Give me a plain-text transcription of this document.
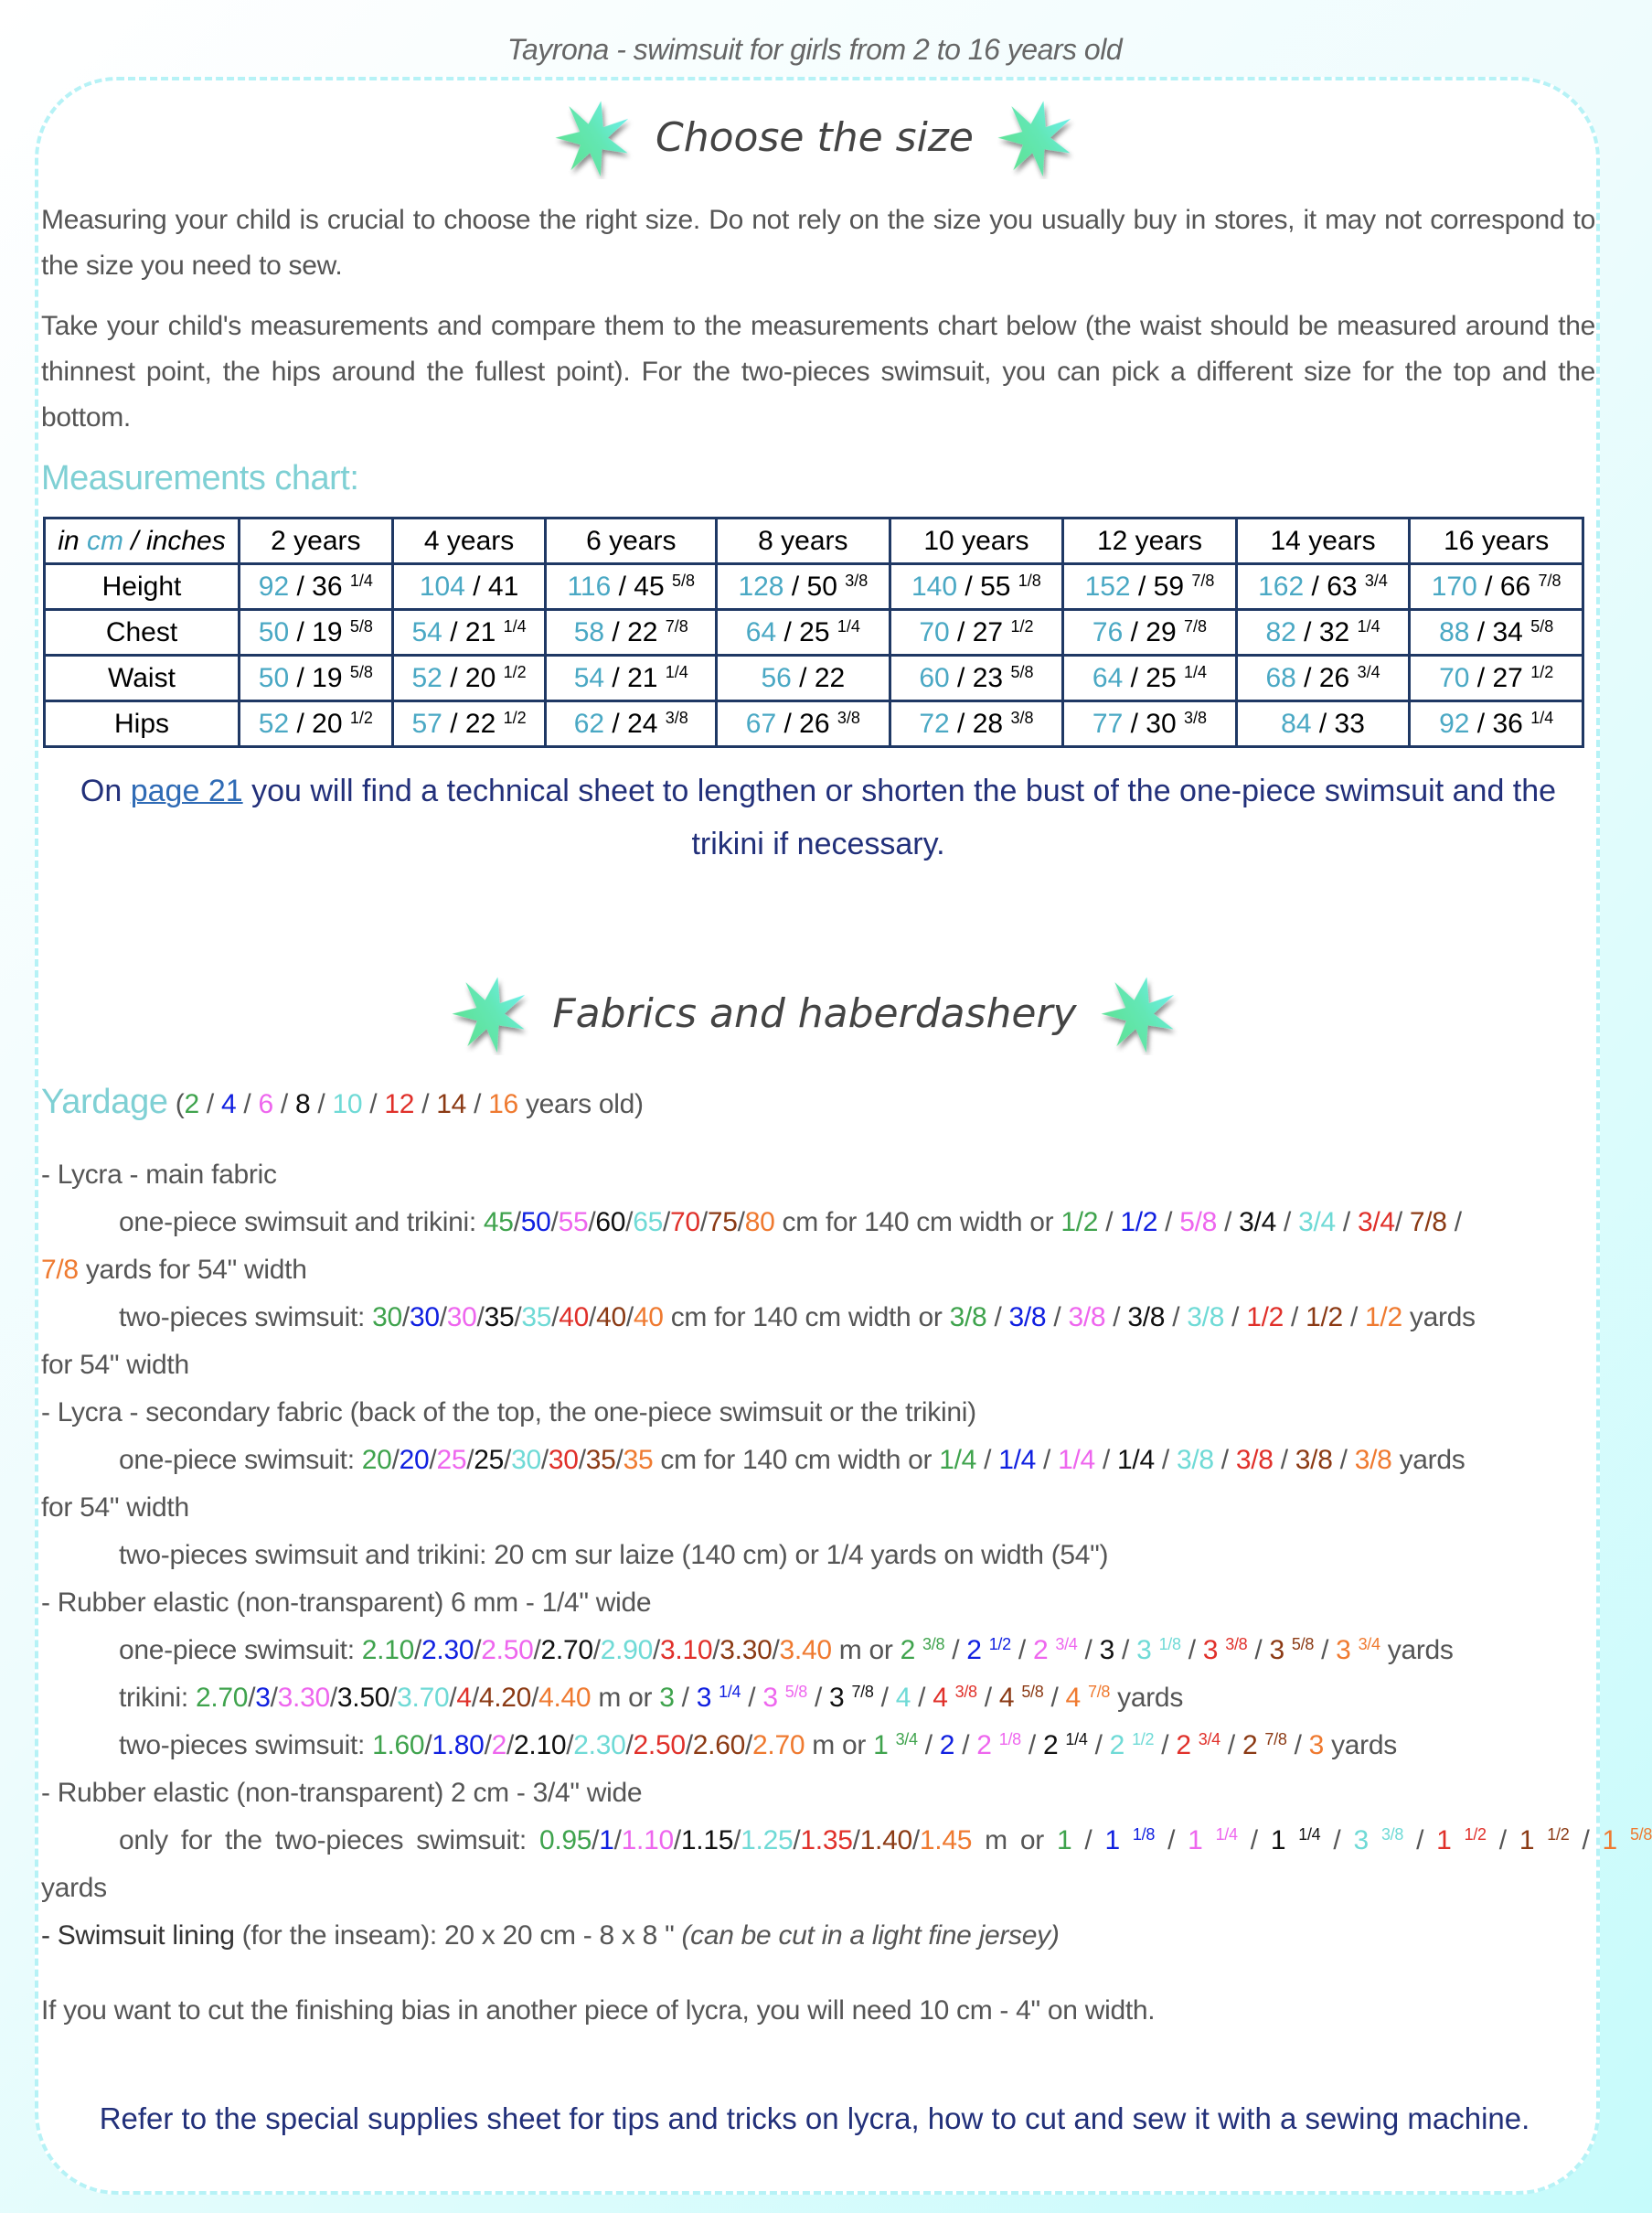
Tayrona - swimsuit for girls from 2 to 16 years old
Choose the size
Measuring your child is crucial to choose the right size. Do not rely on the size you usually buy in stores, it may not correspond to the size you need to sew.
Take your child's measurements and compare them to the measurements chart below (the waist should be measured around the thinnest point, the hips around the fullest point). For the two-pieces swimsuit, you can pick a different size for the top and the bottom.
Measurements chart:
in cm / inches	2 years	4 years	6 years	8 years	10 years	12 years	14 years	16 years
Height	92 / 36 $^{1/4}$	104 / 41	116 / 45 $^{5/8}$	128 / 50 $^{3/8}$	140 / 55 $^{1/8}$	152 / 59 $^{7/8}$	162 / 63 $^{3/4}$	170 / 66 $^{7/8}$
Chest	50 / 19 $^{5/8}$	54 / 21 $^{1/4}$	58 / 22 $^{7/8}$	64 / 25 $^{1/4}$	70 / 27 $^{1/2}$	76 / 29 $^{7/8}$	82 / 32 $^{1/4}$	88 / 34 $^{5/8}$
Waist	50 / 19 $^{5/8}$	52 / 20 $^{1/2}$	54 / 21 $^{1/4}$	56 / 22	60 / 23 $^{5/8}$	64 / 25 $^{1/4}$	68 / 26 $^{3/4}$	70 / 27 $^{1/2}$
Hips	52 / 20 $^{1/2}$	57 / 22 $^{1/2}$	62 / 24 $^{3/8}$	67 / 26 $^{3/8}$	72 / 28 $^{3/8}$	77 / 30 $^{3/8}$	84 / 33	92 / 36 $^{1/4}$
On page 21 you will find a technical sheet to lengthen or shorten the bust of the one-piece swimsuit and the trikini if necessary.
Fabrics and haberdashery
Yardage (2 / 4 / 6 / 8 / 10 / 12 / 14 / 16 years old)
- Lycra - main fabric
one-piece swimsuit and trikini: 45/50/55/60/65/70/75/80 cm for 140 cm width or 1/2 / 1/2 / 5/8 / 3/4 / 3/4 / 3/4/ 7/8 /
7/8 yards for 54" width
two-pieces swimsuit: 30/30/30/35/35/40/40/40 cm for 140 cm width or 3/8 / 3/8 / 3/8 / 3/8 / 3/8 / 1/2 / 1/2 / 1/2 yards
for 54" width
- Lycra - secondary fabric (back of the top, the one-piece swimsuit or the trikini)
one-piece swimsuit: 20/20/25/25/30/30/35/35 cm for 140 cm width or 1/4 / 1/4 / 1/4 / 1/4 / 3/8 / 3/8 / 3/8 / 3/8 yards
for 54" width
two-pieces swimsuit and trikini: 20 cm sur laize (140 cm) or 1/4 yards on width (54")
- Rubber elastic (non-transparent) 6 mm - 1/4" wide
one-piece swimsuit: 2.10/2.30/2.50/2.70/2.90/3.10/3.30/3.40 m or 2 $^{3/8}$ / 2 $^{1/2}$ / 2 $^{3/4}$ / 3 / 3 $^{1/8}$ / 3 $^{3/8}$ / 3 $^{5/8}$ / 3 $^{3/4}$ yards
trikini: 2.70/3/3.30/3.50/3.70/4/4.20/4.40 m or 3 / 3 $^{1/4}$ / 3 $^{5/8}$ / 3 $^{7/8}$ / 4 / 4 $^{3/8}$ / 4 $^{5/8}$ / 4 $^{7/8}$ yards
two-pieces swimsuit: 1.60/1.80/2/2.10/2.30/2.50/2.60/2.70 m or 1 $^{3/4}$ / 2 / 2 $^{1/8}$ / 2 $^{1/4}$ / 2 $^{1/2}$ / 2 $^{3/4}$ / 2 $^{7/8}$ / 3 yards
- Rubber elastic (non-transparent) 2 cm - 3/4" wide
only for the two-pieces swimsuit: 0.95/1/1.10/1.15/1.25/1.35/1.40/1.45 m or 1 / 1 $^{1/8}$ / 1 $^{1/4}$ / 1 $^{1/4}$ / 3 $^{3/8}$ / 1 $^{1/2}$ / 1 $^{1/2}$ / 1 $^{5/8}$
yards
- Swimsuit lining (for the inseam): 20 x 20 cm - 8 x 8 " (can be cut in a light fine jersey)
If you want to cut the finishing bias in another piece of lycra, you will need 10 cm - 4" on width.
Refer to the special supplies sheet for tips and tricks on lycra, how to cut and sew it with a sewing machine.
